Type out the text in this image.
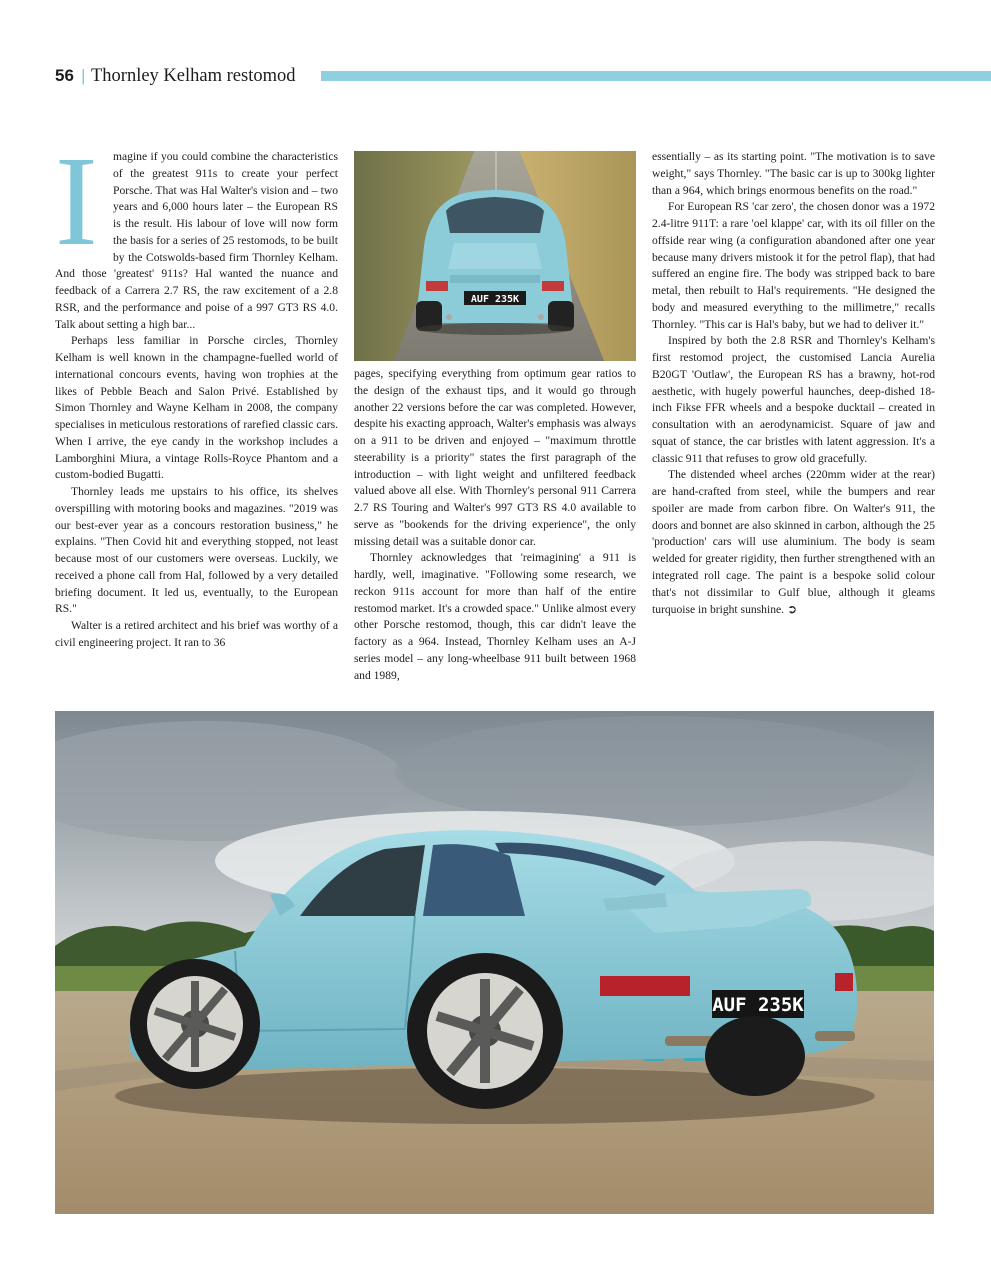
56 | Thornley Kelham restomod

I	magine if you could combine the characteristics of the greatest 911s to create your perfect Porsche. That was Hal Walter's vision and – two years and 6,000 hours later – the European RS is the result. His labour of love will now form the basis for a series of 25 restomods, to be built by the Cotswolds-based firm Thornley Kelham. And those 'greatest' 911s? Hal wanted the nuance and feedback of a Carrera 2.7 RS, the raw excitement of a 2.8 RSR, and the performance and poise of a 997 GT3 RS 4.0. Talk about setting a high bar...

Perhaps less familiar in Porsche circles, Thornley Kelham is well known in the champagne-fuelled world of international concours events, having won trophies at the likes of Pebble Beach and Salon Privé. Established by Simon Thornley and Wayne Kelham in 2008, the company specialises in meticulous restorations of rarefied classic cars. When I arrive, the eye candy in the workshop includes a Lamborghini Miura, a vintage Rolls-Royce Phantom and a custom-bodied Bugatti.

Thornley leads me upstairs to his office, its shelves overspilling with motoring books and magazines. "2019 was our best-ever year as a concours restoration business," he explains. "Then Covid hit and everything stopped, not least because most of our customers were overseas. Luckily, we received a phone call from Hal, followed by a very detailed briefing document. It led us, eventually, to the European RS."

Walter is a retired architect and his brief was worthy of a civil engineering project. It ran to 36

AUF 235K

pages, specifying everything from optimum gear ratios to the design of the exhaust tips, and it would go through another 22 versions before the car was completed. However, despite his exacting approach, Walter's emphasis was always on a 911 to be driven and enjoyed – "maximum throttle steerability is a priority" states the first paragraph of the introduction – with light weight and unfiltered feedback valued above all else. With Thornley's personal 911 Carrera 2.7 RS Touring and Walter's 997 GT3 RS 4.0 available to serve as "bookends for the driving experience", the only missing detail was a suitable donor car.

Thornley acknowledges that 'reimagining' a 911 is hardly, well, imaginative. "Following some research, we reckon 911s account for more than half of the entire restomod market. It's a crowded space." Unlike almost every other Porsche restomod, though, this car didn't leave the factory as a 964. Instead, Thornley Kelham uses an A-J series model – any long-wheelbase 911 built between 1968 and 1989,

essentially – as its starting point. "The motivation is to save weight," says Thornley. "The basic car is up to 300kg lighter than a 964, which brings enormous benefits on the road."

For European RS 'car zero', the chosen donor was a 1972 2.4-litre 911T: a rare 'oel klappe' car, with its oil filler on the offside rear wing (a configuration abandoned after one year because many drivers mistook it for the petrol flap), that had suffered an engine fire. The body was stripped back to bare metal, then rebuilt to Hal's requirements. "He designed the body and measured everything to the millimetre," recalls Thornley. "This car is Hal's baby, but we had to deliver it."

Inspired by both the 2.8 RSR and Thornley's Kelham's first restomod project, the customised Lancia Aurelia B20GT 'Outlaw', the European RS has a brawny, hot-rod aesthetic, with hugely powerful haunches, deep-dished 18-inch Fikse FFR wheels and a bespoke ducktail – created in consultation with an aerodynamicist. Square of jaw and squat of stance, the car bristles with latent aggression. It's a classic 911 that refuses to grow old gracefully.

The distended wheel arches (220mm wider at the rear) are hand-crafted from steel, while the bumpers and rear spoiler are made from carbon fibre. On Walter's 911, the doors and bonnet are also skinned in carbon, although the 25 'production' cars will use aluminium. The body is seam welded for greater rigidity, then further strengthened with an integrated roll cage. The paint is a bespoke solid colour that's not dissimilar to Gulf blue, although it gleams turquoise in bright sunshine. ➲

AUF 235K
